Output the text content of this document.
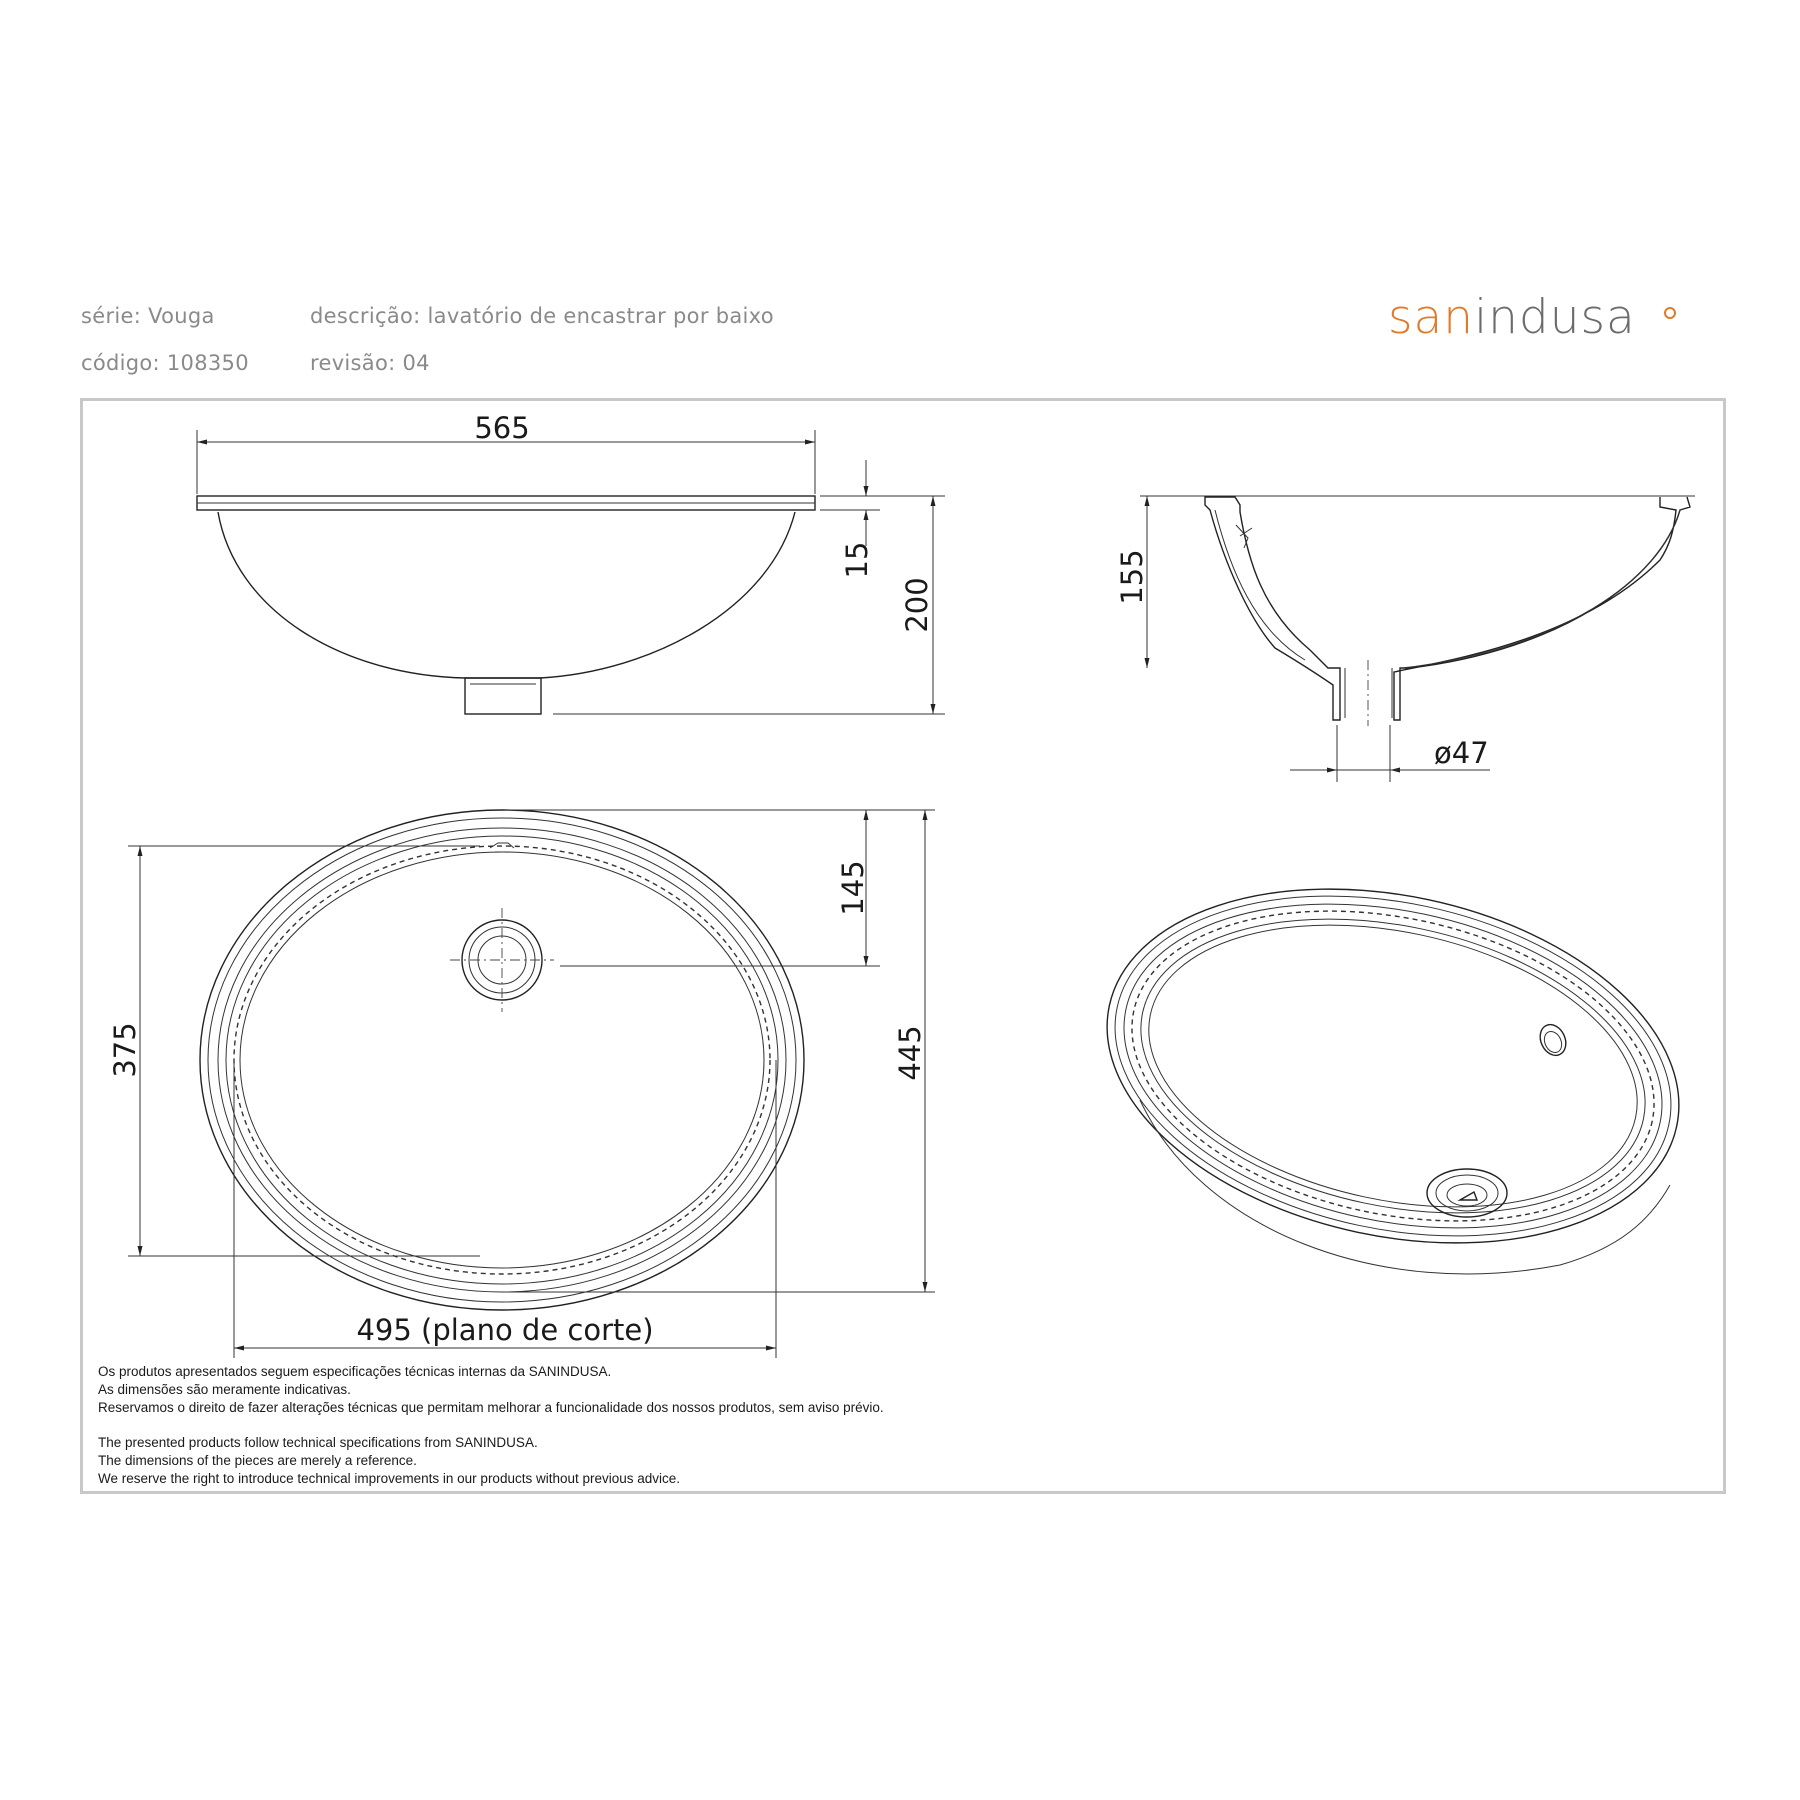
série: Vouga	descrição: lavatório de encastrar por baixo
código: 108350	revisão: 04
sanindusa
565
15
200
155
ø47
145
375	445
495 (plano de corte)
Os produtos apresentados seguem especificações técnicas internas da SANINDUSA.
As dimensões são meramente indicativas.
Reservamos o direito de fazer alterações técnicas que permitam melhorar a funcionalidade dos nossos produtos, sem aviso prévio.
The presented products follow technical specifications from SANINDUSA.
The dimensions of the pieces are merely a reference.
We reserve the right to introduce technical improvements in our products without previous advice.
